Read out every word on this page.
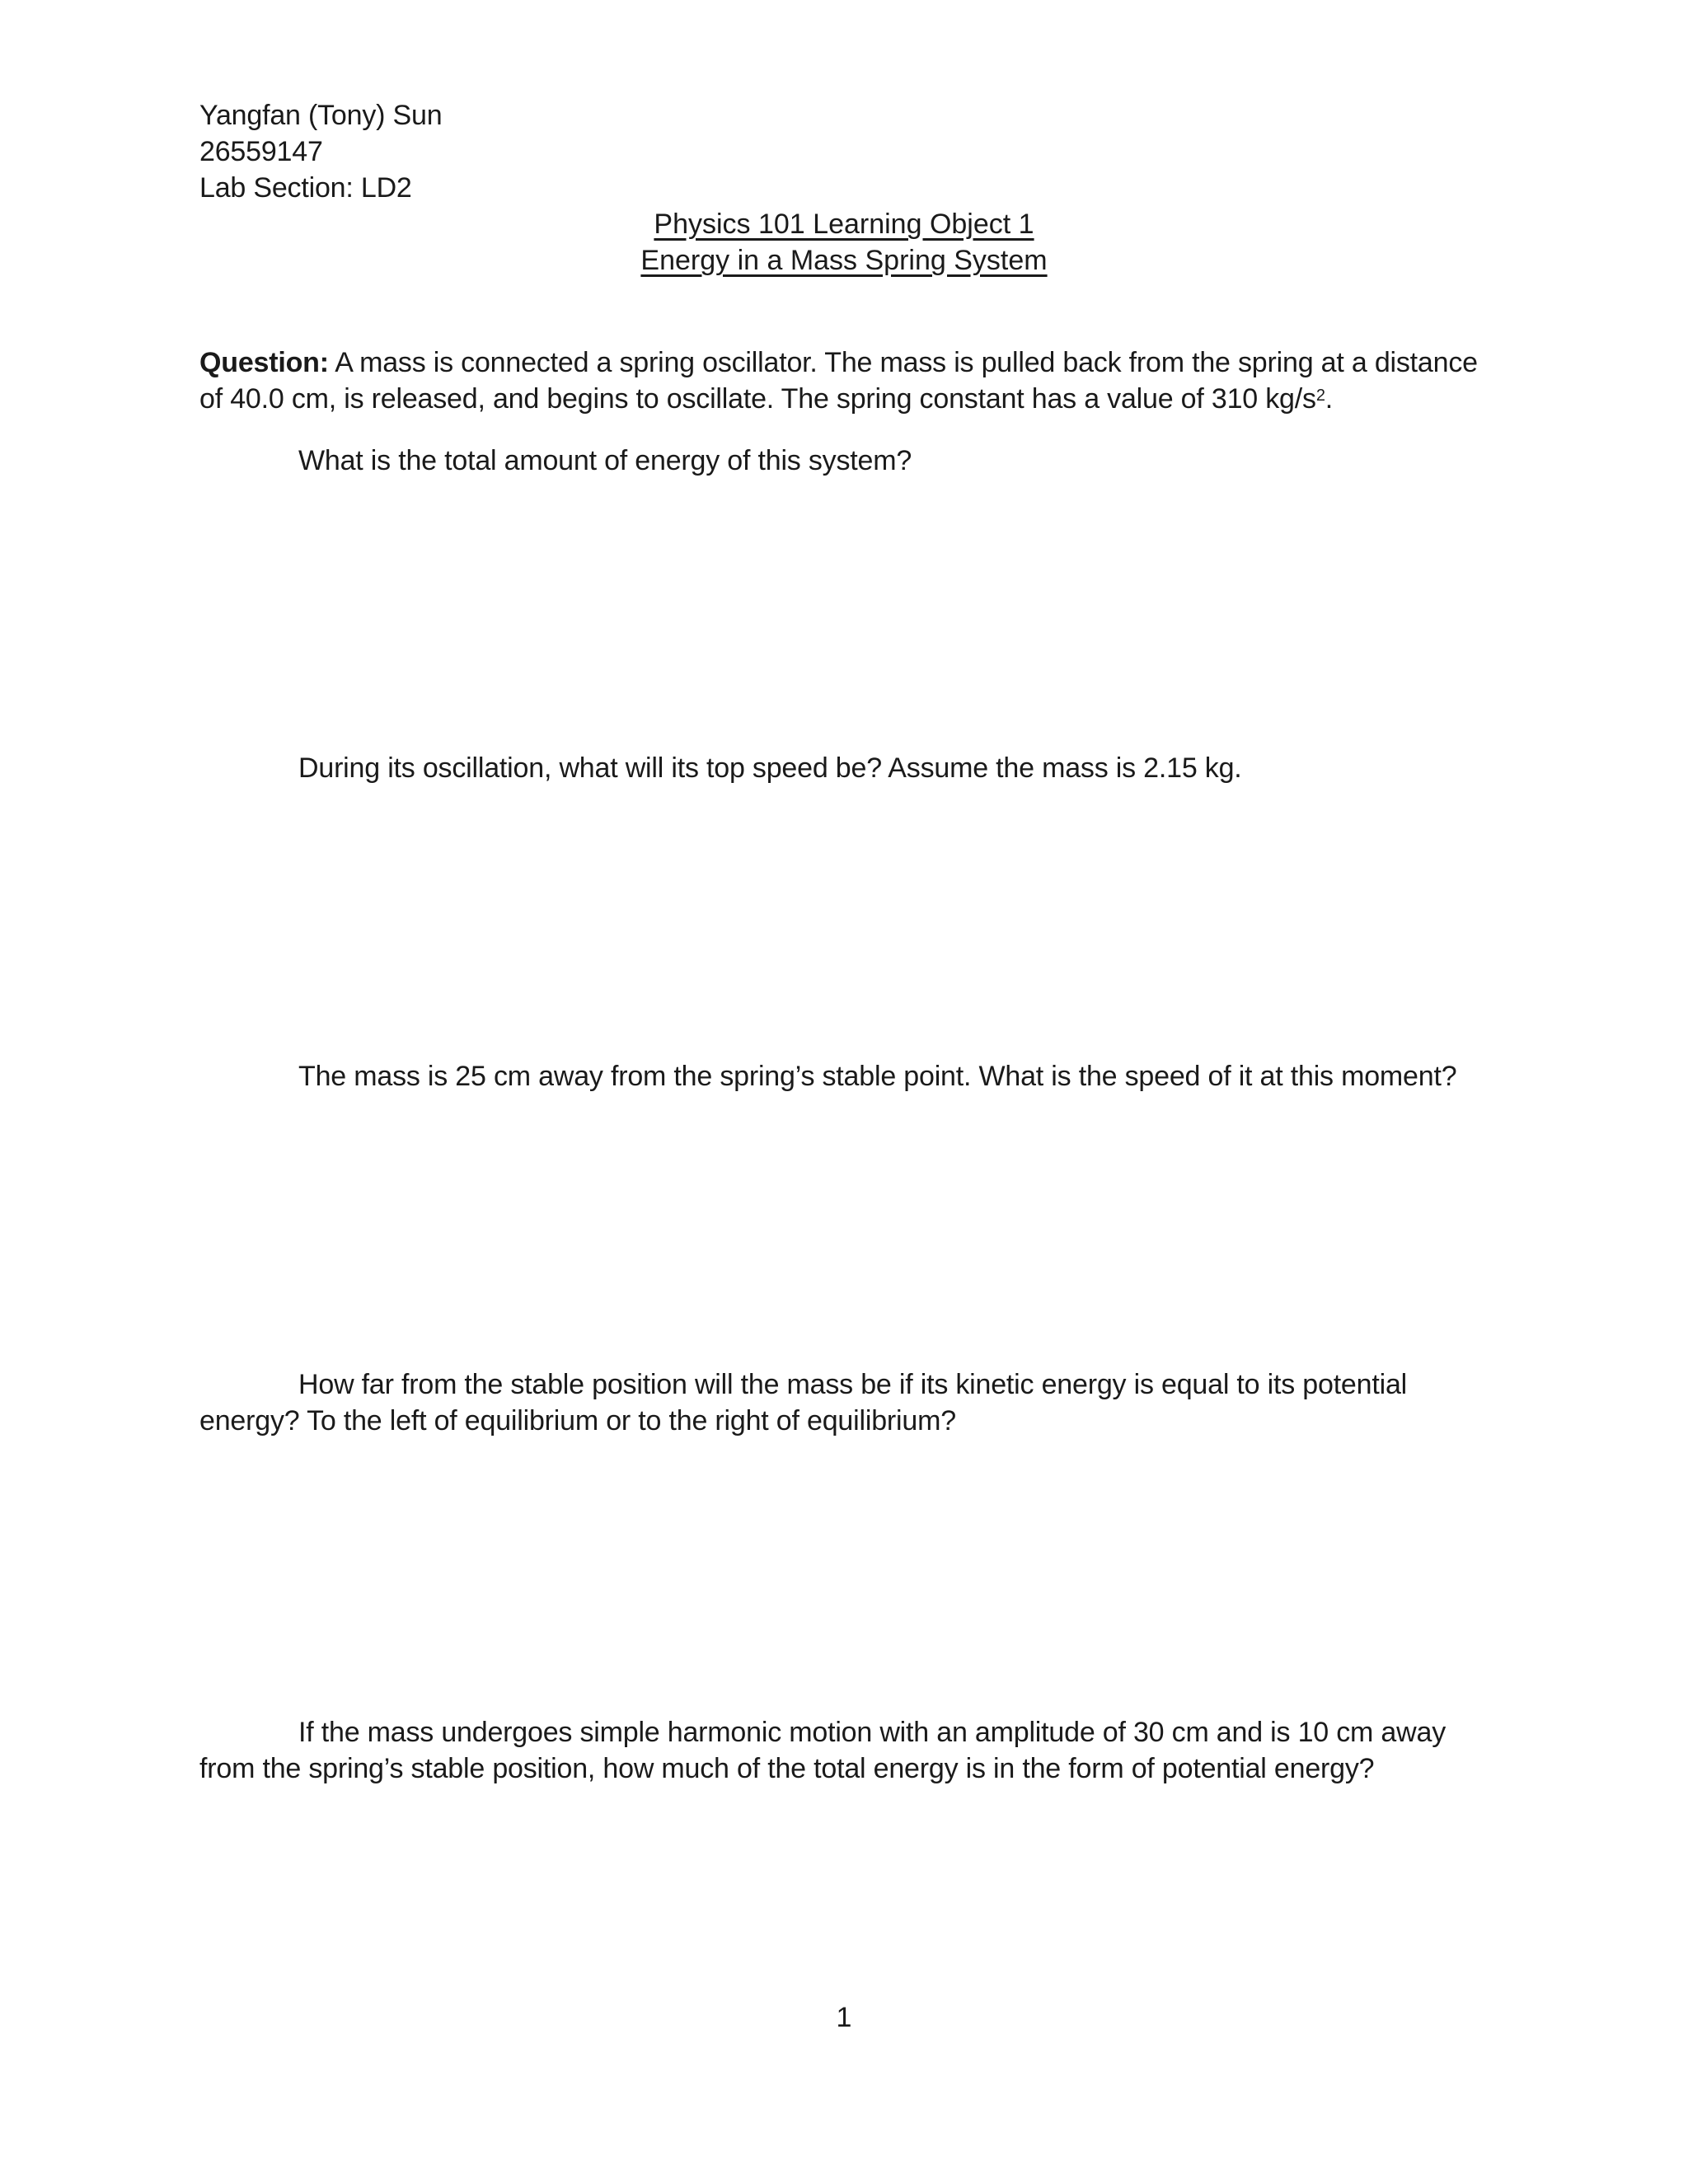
Yangfan (Tony) Sun
26559147
Lab Section: LD2
Physics 101 Learning Object 1
Energy in a Mass Spring System
Question: A mass is connected a spring oscillator. The mass is pulled back from the spring at a distance
of 40.0 cm, is released, and begins to oscillate. The spring constant has a value of 310 $kg/s^2$.
What is the total amount of energy of this system?
During its oscillation, what will its top speed be? Assume the mass is 2.15 kg.
The mass is 25 cm away from the spring’s stable point. What is the speed of it at this moment?
How far from the stable position will the mass be if its kinetic energy is equal to its potential
energy? To the left of equilibrium or to the right of equilibrium?
If the mass undergoes simple harmonic motion with an amplitude of 30 cm and is 10 cm away
from the spring’s stable position, how much of the total energy is in the form of potential energy?
1
